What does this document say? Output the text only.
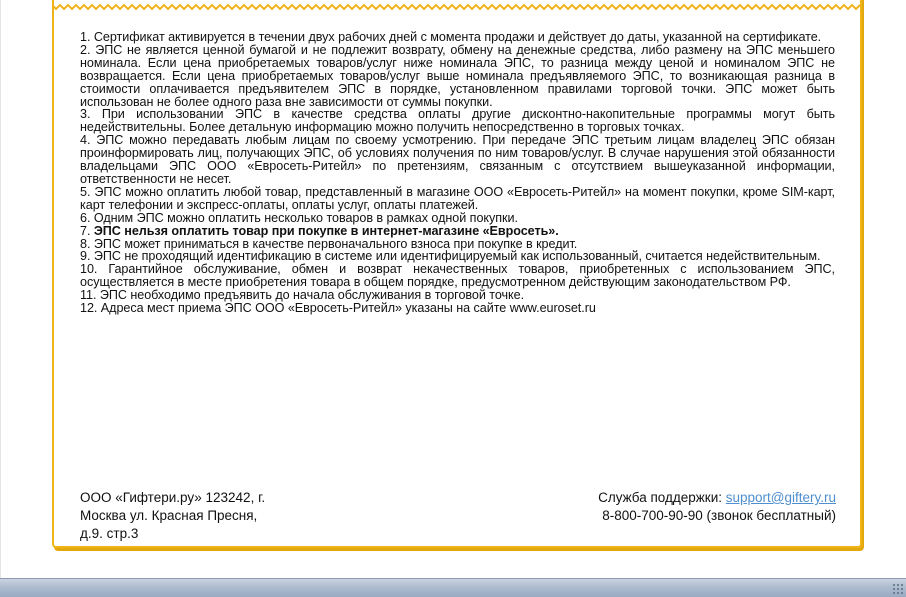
1. Сертификат активируется в течении двух рабочих дней с момента продажи и действует до даты, указанной на сертификате.

2. ЭПС не является ценной бумагой и не подлежит возврату, обмену на денежные средства, либо размену на ЭПС меньшего номинала. Если цена приобретаемых товаров/услуг ниже номинала ЭПС, то разница между ценой и номиналом ЭПС не возвращается. Если цена приобретаемых товаров/услуг выше номинала предъявляемого ЭПС, то возникающая разница в стоимости оплачивается предъявителем ЭПС в порядке, установленном правилами торговой точки. ЭПС может быть использован не более одного раза вне зависимости от суммы покупки.

3. При использовании ЭПС в качестве средства оплаты другие дисконтно-накопительные программы могут быть недействительны. Более детальную информацию можно получить непосредственно в торговых точках.

4. ЭПС можно передавать любым лицам по своему усмотрению. При передаче ЭПС третьим лицам владелец ЭПС обязан проинформировать лиц, получающих ЭПС, об условиях получения по ним товаров/услуг. В случае нарушения этой обязанности владельцами ЭПС ООО «Евросеть-Ритейл» по претензиям, связанным с отсутствием вышеуказанной информации, ответственности не несет.

5. ЭПС можно оплатить любой товар, представленный в магазине ООО «Евросеть-Ритейл» на момент покупки, кроме SIM-карт, карт телефонии и экспресс-оплаты, оплаты услуг, оплаты платежей.

6. Одним ЭПС можно оплатить несколько товаров в рамках одной покупки.

7. ЭПС нельзя оплатить товар при покупке в интернет-магазине «Евросеть».

8. ЭПС может приниматься в качестве первоначального взноса при покупке в кредит.

9. ЭПС не проходящий идентификацию в системе или идентифицируемый как использованный, считается недействительным.

10. Гарантийное обслуживание, обмен и возврат некачественных товаров, приобретенных с использованием ЭПС, осуществляется в месте приобретения товара в общем порядке, предусмотренном действующим законодательством РФ.

11. ЭПС необходимо предъявить до начала обслуживания в торговой точке.

12. Адреса мест приема ЭПС ООО «Евросеть-Ритейл» указаны на сайте www.euroset.ru

ООО «Гифтери.ру» 123242, г.
Москва ул. Красная Пресня,
д.9. стр.3
Служба поддержки: support@giftery.ru
8-800-700-90-90 (звонок бесплатный)
